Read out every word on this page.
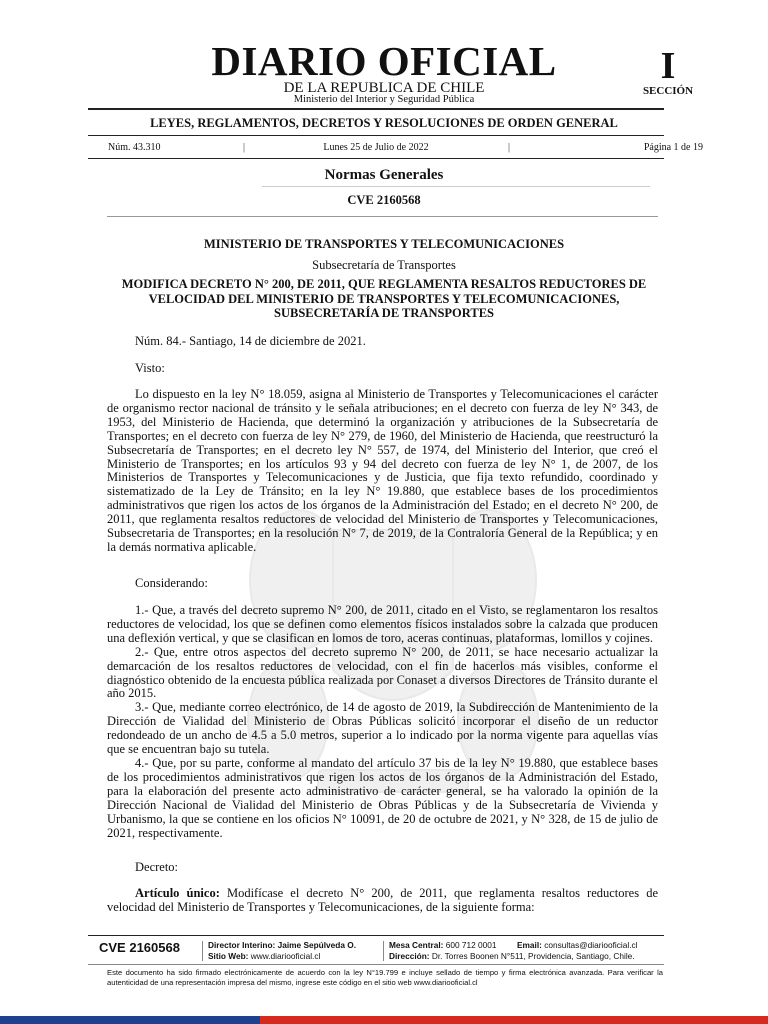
DIARIO OFICIAL
DE LA REPUBLICA DE CHILE
Ministerio del Interior y Seguridad Pública
I
SECCIÓN
LEYES, REGLAMENTOS, DECRETOS Y RESOLUCIONES DE ORDEN GENERAL
Núm. 43.310	|	Lunes 25 de Julio de 2022	|	Página 1 de 19
Normas Generales
CVE 2160568
MINISTERIO DE TRANSPORTES Y TELECOMUNICACIONES
Subsecretaría de Transportes
MODIFICA DECRETO N° 200, DE 2011, QUE REGLAMENTA RESALTOS REDUCTORES DE VELOCIDAD DEL MINISTERIO DE TRANSPORTES Y TELECOMUNICACIONES, SUBSECRETARÍA DE TRANSPORTES
Núm. 84.- Santiago, 14 de diciembre de 2021.
Visto:

Lo dispuesto en la ley N° 18.059, asigna al Ministerio de Transportes y Telecomunicaciones el carácter de organismo rector nacional de tránsito y le señala atribuciones; en el decreto con fuerza de ley N° 343, de 1953, del Ministerio de Hacienda, que determinó la organización y atribuciones de la Subsecretaría de Transportes; en el decreto con fuerza de ley N° 279, de 1960, del Ministerio de Hacienda, que reestructuró la Subsecretaría de Transportes; en el decreto ley N° 557, de 1974, del Ministerio del Interior, que creó el Ministerio de Transportes; en los artículos 93 y 94 del decreto con fuerza de ley N° 1, de 2007, de los Ministerios de Transportes y Telecomunicaciones y de Justicia, que fija texto refundido, coordinado y sistematizado de la Ley de Tránsito; en la ley N° 19.880, que establece bases de los procedimientos administrativos que rigen los actos de los órganos de la Administración del Estado; en el decreto N° 200, de 2011, que reglamenta resaltos reductores de velocidad del Ministerio de Transportes y Telecomunicaciones, Subsecretaria de Transportes; en la resolución N° 7, de 2019, de la Contraloría General de la República; y en la demás normativa aplicable.

Considerando:

1.- Que, a través del decreto supremo N° 200, de 2011, citado en el Visto, se reglamentaron los resaltos reductores de velocidad, los que se definen como elementos físicos instalados sobre la calzada que producen una deflexión vertical, y que se clasifican en lomos de toro, aceras continuas, plataformas, lomillos y cojines.

2.- Que, entre otros aspectos del decreto supremo N° 200, de 2011, se hace necesario actualizar la demarcación de los resaltos reductores de velocidad, con el fin de hacerlos más visibles, conforme el diagnóstico obtenido de la encuesta pública realizada por Conaset a diversos Directores de Tránsito durante el año 2015.

3.- Que, mediante correo electrónico, de 14 de agosto de 2019, la Subdirección de Mantenimiento de la Dirección de Vialidad del Ministerio de Obras Públicas solicitó incorporar el diseño de un reductor redondeado de un ancho de 4.5 a 5.0 metros, superior a lo indicado por la norma vigente para aquellas vías que se encuentran bajo su tutela.

4.- Que, por su parte, conforme al mandato del artículo 37 bis de la ley N° 19.880, que establece bases de los procedimientos administrativos que rigen los actos de los órganos de la Administración del Estado, para la elaboración del presente acto administrativo de carácter general, se ha valorado la opinión de la Dirección Nacional de Vialidad del Ministerio de Obras Públicas y de la Subsecretaría de Vivienda y Urbanismo, la que se contiene en los oficios N° 10091, de 20 de octubre de 2021, y N° 328, de 15 de julio de 2021, respectivamente.

Decreto:

Artículo único: Modifícase el decreto N° 200, de 2011, que reglamenta resaltos reductores de velocidad del Ministerio de Transportes y Telecomunicaciones, de la siguiente forma:

CVE 2160568	Director Interino: Jaime Sepúlveda O.
Sitio Web: www.diariooficial.cl
Mesa Central: 600 712 0001 Email: consultas@diariooficial.cl
Dirección: Dr. Torres Boonen N°511, Providencia, Santiago, Chile.
Este documento ha sido firmado electrónicamente de acuerdo con la ley N°19.799 e incluye sellado de tiempo y firma electrónica avanzada. Para verificar la autenticidad de una representación impresa del mismo, ingrese este código en el sitio web www.diariooficial.cl
